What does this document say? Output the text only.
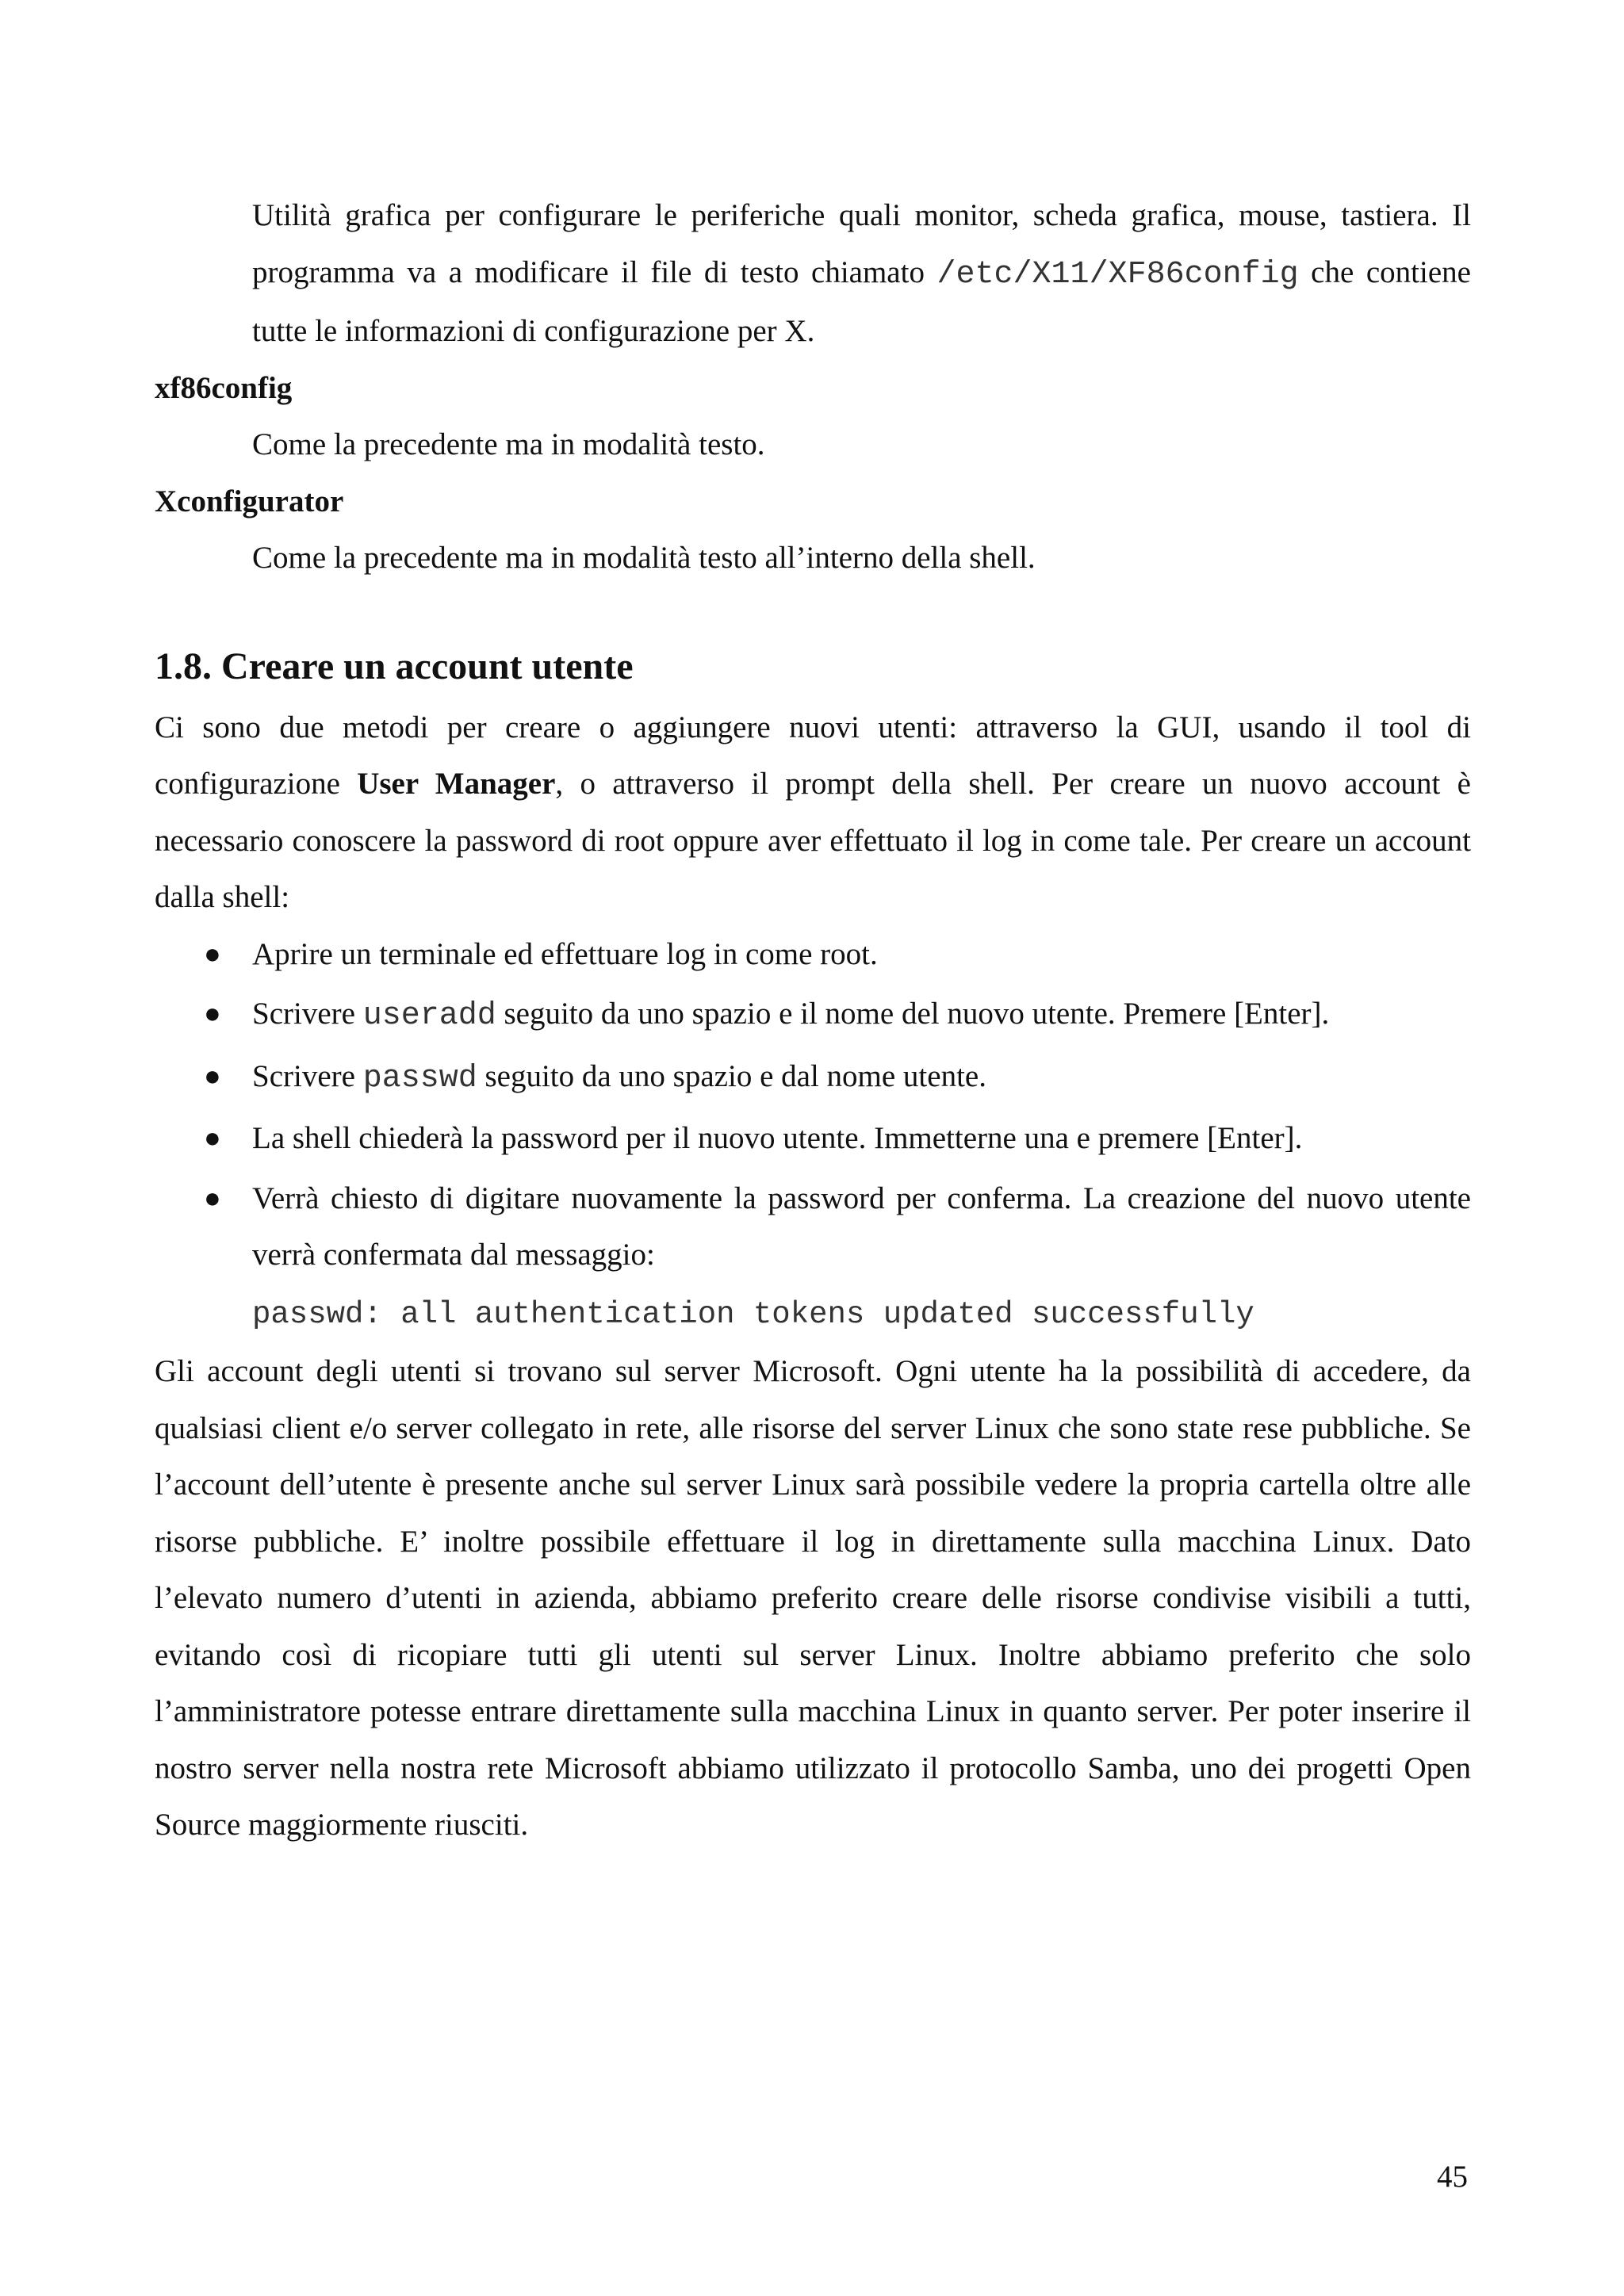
Utilità grafica per configurare le periferiche quali monitor, scheda grafica, mouse, tastiera. Il programma va a modificare il file di testo chiamato /etc/X11/XF86config che contiene tutte le informazioni di configurazione per X.

xf86config

Come la precedente ma in modalità testo.

Xconfigurator

Come la precedente ma in modalità testo all’interno della shell.

1.8. Creare un account utente

Ci sono due metodi per creare o aggiungere nuovi utenti: attraverso la GUI, usando il tool di configurazione User Manager, o attraverso il prompt della shell. Per creare un nuovo account è necessario conoscere la password di root oppure aver effettuato il log in come tale. Per creare un account dalla shell:

● Aprire un terminale ed effettuare log in come root.
● Scrivere useradd seguito da uno spazio e il nome del nuovo utente. Premere [Enter].
● Scrivere passwd seguito da uno spazio e dal nome utente.
● La shell chiederà la password per il nuovo utente. Immetterne una e premere [Enter].
● Verrà chiesto di digitare nuovamente la password per conferma. La creazione del nuovo utente verrà confermata dal messaggio:
passwd: all authentication tokens updated successfully

Gli account degli utenti si trovano sul server Microsoft. Ogni utente ha la possibilità di accedere, da qualsiasi client e/o server collegato in rete, alle risorse del server Linux che sono state rese pubbliche. Se l’account dell’utente è presente anche sul server Linux sarà possibile vedere la propria cartella oltre alle risorse pubbliche. E’ inoltre possibile effettuare il log in direttamente sulla macchina Linux. Dato l’elevato numero d’utenti in azienda, abbiamo preferito creare delle risorse condivise visibili a tutti, evitando così di ricopiare tutti gli utenti sul server Linux. Inoltre abbiamo preferito che solo l’amministratore potesse entrare direttamente sulla macchina Linux in quanto server. Per poter inserire il nostro server nella nostra rete Microsoft abbiamo utilizzato il protocollo Samba, uno dei progetti Open Source maggiormente riusciti.

45
